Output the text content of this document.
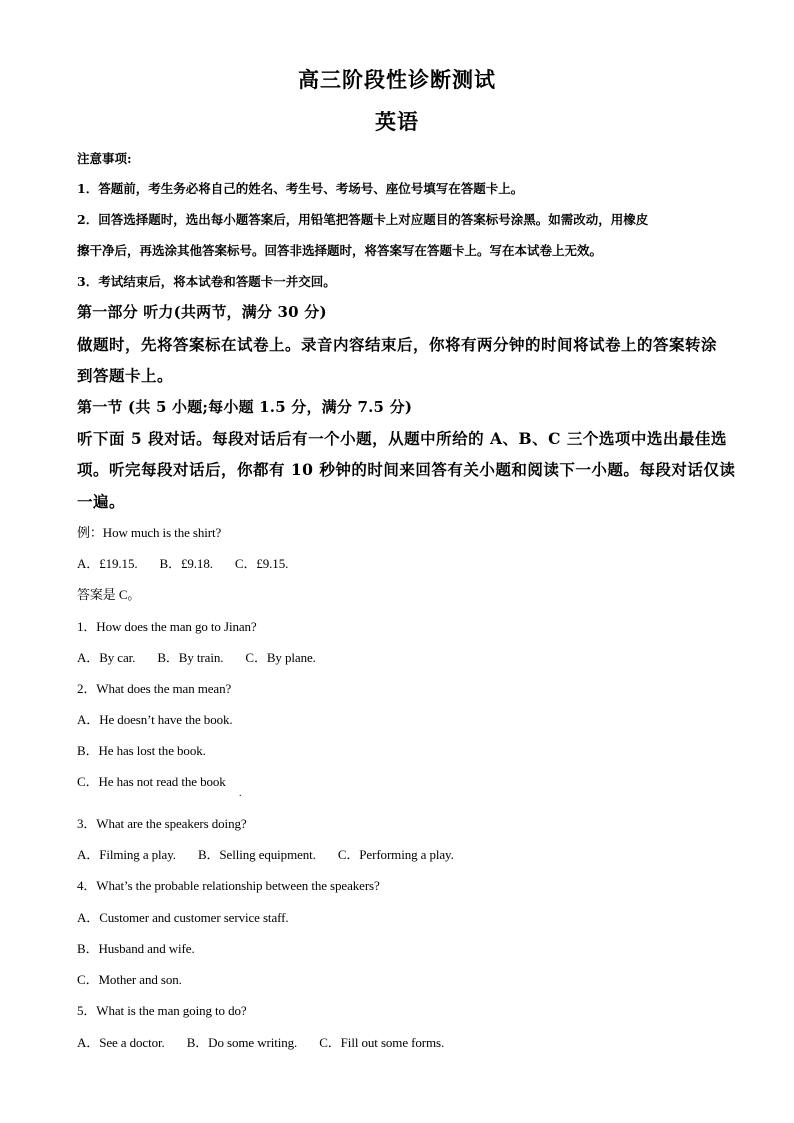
高三阶段性诊断测试
英语
注意事项:
1．答题前，考生务必将自己的姓名、考生号、考场号、座位号填写在答题卡上。
2．回答选择题时，选出每小题答案后，用铅笔把答题卡上对应题目的答案标号涂黑。如需改动，用橡皮
擦干净后，再选涂其他答案标号。回答非选择题时，将答案写在答题卡上。写在本试卷上无效。
3．考试结束后，将本试卷和答题卡一并交回。
第一部分 听力(共两节，满分 30 分)
做题时，先将答案标在试卷上。录音内容结束后，你将有两分钟的时间将试卷上的答案转涂
到答题卡上。
第一节 (共 5 小题;每小题 1.5 分，满分 7.5 分)
听下面 5 段对话。每段对话后有一个小题，从题中所给的 A、B、C 三个选项中选出最佳选
项。听完每段对话后，你都有 10 秒钟的时间来回答有关小题和阅读下一小题。每段对话仅读
一遍。
例：How much is the shirt?
A．£19.15. B．£9.18. C．£9.15.
答案是 C。
1．How does the man go to Jinan?
A．By car. B．By train. C．By plane.
2．What does the man mean?
A．He doesn’t have the book.
B．He has lost the book.
C．He has not read the book
.
3．What are the speakers doing?
A．Filming a play. B．Selling equipment. C．Performing a play.
4．What’s the probable relationship between the speakers?
A．Customer and customer service staff.
B．Husband and wife.
C．Mother and son.
5．What is the man going to do?
A．See a doctor. B．Do some writing. C．Fill out some forms.
